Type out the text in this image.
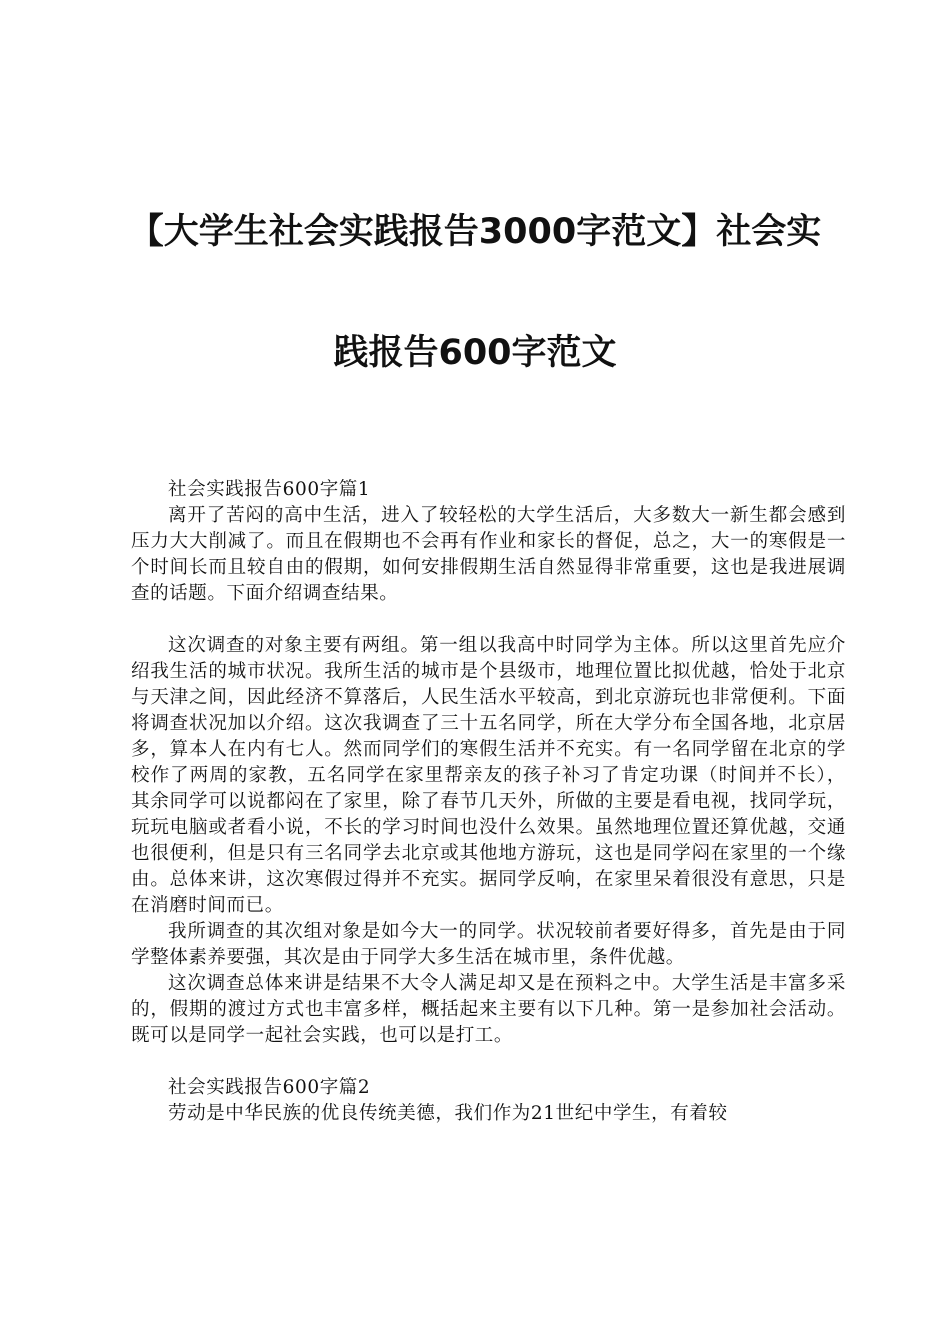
【大学生社会实践报告3000字范文】社会实
践报告600字范文

社会实践报告600字篇1

离开了苦闷的高中生活，进入了较轻松的大学生活后，大多数大一新生都会感到压力大大削减了。而且在假期也不会再有作业和家长的督促，总之，大一的寒假是一个时间长而且较自由的假期，如何安排假期生活自然显得非常重要，这也是我进展调查的话题。下面介绍调查结果。

这次调查的对象主要有两组。第一组以我高中时同学为主体。所以这里首先应介绍我生活的城市状况。我所生活的城市是个县级市，地理位置比拟优越，恰处于北京与天津之间，因此经济不算落后，人民生活水平较高，到北京游玩也非常便利。下面将调查状况加以介绍。这次我调查了三十五名同学，所在大学分布全国各地，北京居多，算本人在内有七人。然而同学们的寒假生活并不充实。有一名同学留在北京的学校作了两周的家教，五名同学在家里帮亲友的孩子补习了肯定功课（时间并不长），其余同学可以说都闷在了家里，除了春节几天外，所做的主要是看电视，找同学玩，玩玩电脑或者看小说，不长的学习时间也没什么效果。虽然地理位置还算优越，交通也很便利，但是只有三名同学去北京或其他地方游玩，这也是同学闷在家里的一个缘由。总体来讲，这次寒假过得并不充实。据同学反响，在家里呆着很没有意思，只是在消磨时间而已。

我所调查的其次组对象是如今大一的同学。状况较前者要好得多，首先是由于同学整体素养要强，其次是由于同学大多生活在城市里，条件优越。

这次调查总体来讲是结果不大令人满足却又是在预料之中。大学生活是丰富多采的，假期的渡过方式也丰富多样，概括起来主要有以下几种。第一是参加社会活动。既可以是同学一起社会实践，也可以是打工。

社会实践报告600字篇2

劳动是中华民族的优良传统美德，我们作为21世纪中学生，有着较
